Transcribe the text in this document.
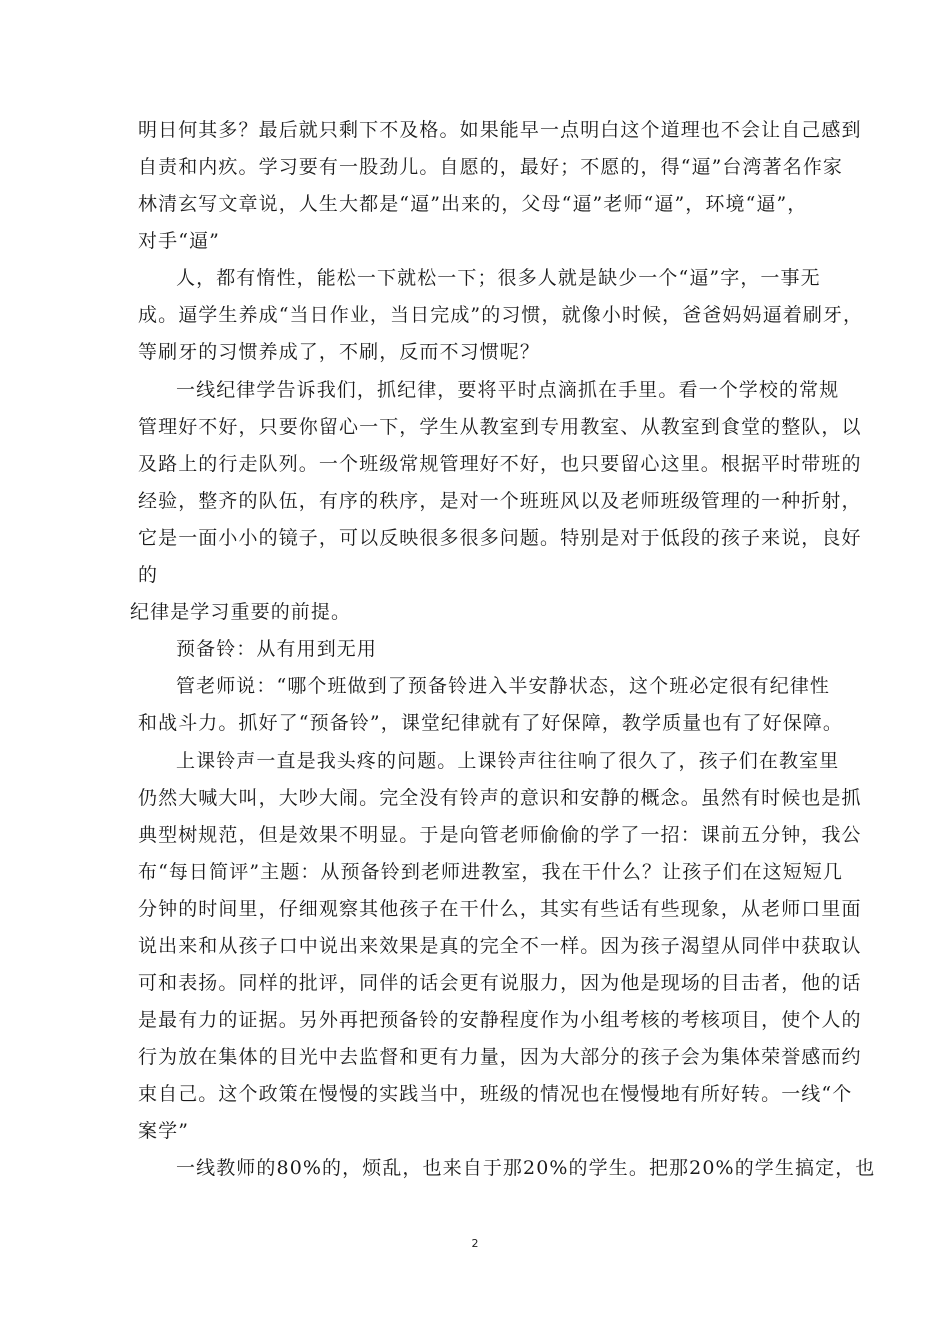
明日何其多？最后就只剩下不及格。如果能早一点明白这个道理也不会让自己感到
自责和内疚。学习要有一股劲儿。自愿的，最好；不愿的，得“逼”台湾著名作家
林清玄写文章说，人生大都是“逼”出来的，父母“逼”老师“逼”，环境“逼”，
对手“逼”
人，都有惰性，能松一下就松一下；很多人就是缺少一个“逼”字，一事无
成。逼学生养成“当日作业，当日完成”的习惯，就像小时候，爸爸妈妈逼着刷牙，
等刷牙的习惯养成了，不刷，反而不习惯呢？
一线纪律学告诉我们，抓纪律，要将平时点滴抓在手里。看一个学校的常规
管理好不好，只要你留心一下，学生从教室到专用教室、从教室到食堂的整队，以
及路上的行走队列。一个班级常规管理好不好，也只要留心这里。根据平时带班的
经验，整齐的队伍，有序的秩序，是对一个班班风以及老师班级管理的一种折射，
它是一面小小的镜子，可以反映很多很多问题。特别是对于低段的孩子来说，良好
的
纪律是学习重要的前提。
预备铃：从有用到无用
管老师说：“哪个班做到了预备铃进入半安静状态，这个班必定很有纪律性
和战斗力。抓好了“预备铃”，课堂纪律就有了好保障，教学质量也有了好保障。
上课铃声一直是我头疼的问题。上课铃声往往响了很久了，孩子们在教室里
仍然大喊大叫，大吵大闹。完全没有铃声的意识和安静的概念。虽然有时候也是抓
典型树规范，但是效果不明显。于是向管老师偷偷的学了一招：课前五分钟，我公
布“每日简评”主题：从预备铃到老师进教室，我在干什么？让孩子们在这短短几
分钟的时间里，仔细观察其他孩子在干什么，其实有些话有些现象，从老师口里面
说出来和从孩子口中说出来效果是真的完全不一样。因为孩子渴望从同伴中获取认
可和表扬。同样的批评，同伴的话会更有说服力，因为他是现场的目击者，他的话
是最有力的证据。另外再把预备铃的安静程度作为小组考核的考核项目，使个人的
行为放在集体的目光中去监督和更有力量，因为大部分的孩子会为集体荣誉感而约
束自己。这个政策在慢慢的实践当中，班级的情况也在慢慢地有所好转。一线“个
案学”
一线教师的80%的，烦乱，也来自于那20%的学生。把那20%的学生搞定，也
2
